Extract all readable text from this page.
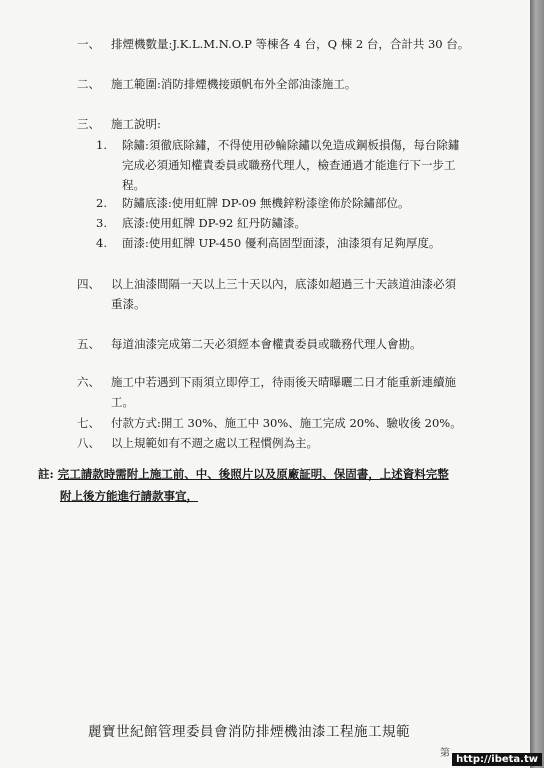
一、 排煙機數量:J.K.L.M.N.O.P 等棟各 4 台，Q 棟 2 台，合計共 30 台。
二、 施工範圍:消防排煙機接頭帆布外全部油漆施工。
三、 施工說明:
1. 除鏽:須徹底除鏽，不得使用砂輪除鏽以免造成鋼板損傷，每台除鏽
完成必須通知權責委員或職務代理人，檢查通過才能進行下一步工
程。
2. 防鏽底漆:使用虹牌 DP-09 無機鋅粉漆塗佈於除鏽部位。
3. 底漆:使用虹牌 DP-92 紅丹防鏽漆。
4. 面漆:使用虹牌 UP-450 優利高固型面漆，油漆須有足夠厚度。
四、 以上油漆間隔一天以上三十天以內，底漆如超過三十天該道油漆必須
重漆。
五、 每道油漆完成第二天必須經本會權責委員或職務代理人會勘。
六、 施工中若遇到下雨須立即停工，待雨後天晴曝曬二日才能重新連續施
工。
七、 付款方式:開工 30%、施工中 30%、施工完成 20%、驗收後 20%。
八、 以上規範如有不週之處以工程慣例為主。
註: 完工請款時需附上施工前、中、後照片以及原廠証明、保固書，上述資料完整
附上後方能進行請款事宜，
麗寶世紀館管理委員會消防排煙機油漆工程施工規範
第
http://ibeta.tw
